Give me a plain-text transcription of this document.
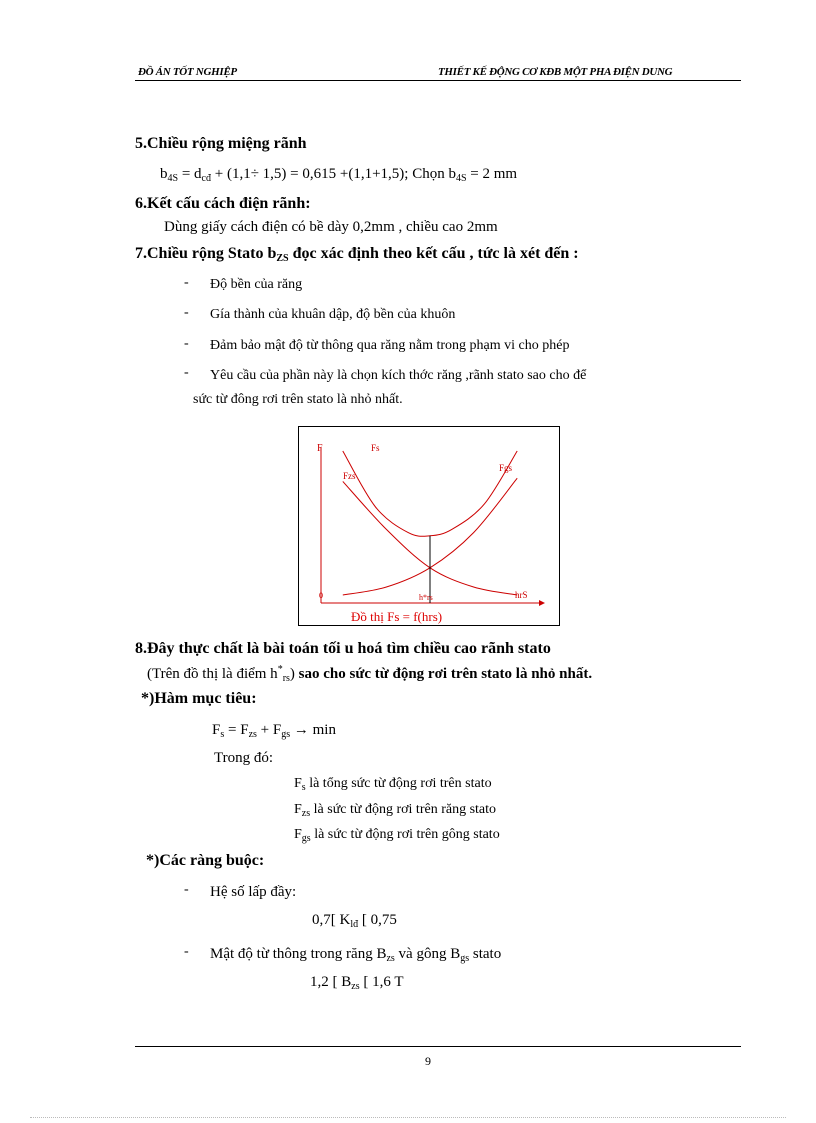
ĐỒ ÁN TỐT NGHIỆP	THIẾT KẾ ĐỘNG CƠ KĐB MỘT PHA ĐIỆN DUNG
5.Chiều rộng miệng rãnh
$b_{4S} = d_{cđ} + (1,1\div 1,5) = 0,615 +(1,1+1,5)$; Chọn $b_{4S} = 2$ mm
6.Kết cấu cách điện rãnh:
Dùng giấy cách điện có bề dày 0,2mm , chiều cao 2mm
7.Chiều rộng Stato $b_{ZS}$ đọc xác định theo kết cấu , tức là xét đến :
- Độ bền của răng
- Gía thành của khuân dập, độ bền của khuôn
- Đảm bảo mật độ từ thông qua răng nằm trong phạm vi cho phép
- Yêu cầu của phần này là chọn kích thớc răng ,rãnh stato sao cho để
sức từ đông rơi trên stato là nhỏ nhất.
F	Fs
Fzs
Fgs
0	h*rs	hrS
Đồ thị Fs = f(hrs)
8.Đây thực chất là bài toán tối u hoá tìm chiều cao rãnh stato
(Trên đồ thị là điểm $h^*_{rs}$) sao cho sức từ động rơi trên stato là nhỏ nhất.
*)Hàm mục tiêu:
$F_s = F_{zs} + F_{gs} \to \min$
Trong đó:
$F_s$ là tổng sức từ động rơi trên stato
$F_{zs}$ là sức từ động rơi trên răng stato
$F_{gs}$ là sức từ động rơi trên gông stato
*)Các ràng buộc:
- Hệ số lấp đầy:
0,7[ $K_{lđ}$ [ 0,75
- Mật độ từ thông trong răng $B_{zs}$ và gông $B_{gs}$ stato
1,2 [ $B_{zs}$ [ 1,6 T
9
